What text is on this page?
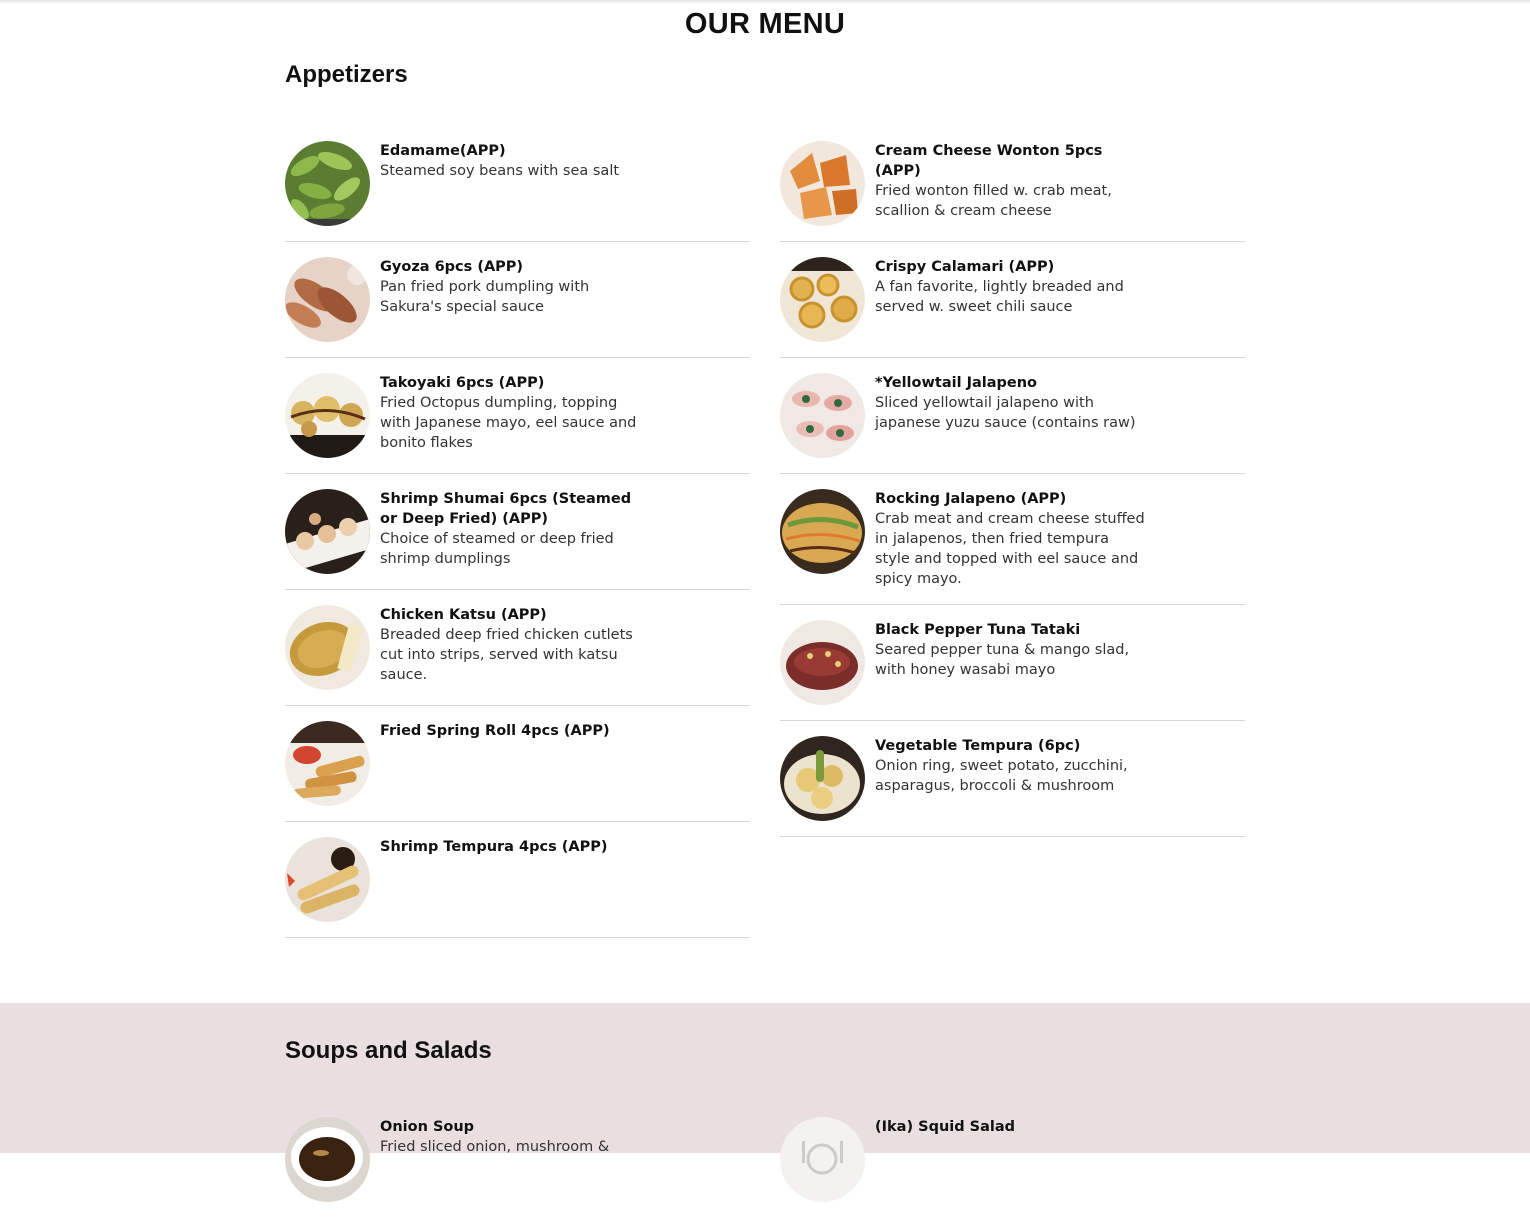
OUR MENU
Appetizers
Edamame(APP)
Steamed soy beans with sea salt
Gyoza 6pcs (APP)
Pan fried pork dumpling with Sakura's special sauce
Takoyaki 6pcs (APP)
Fried Octopus dumpling, topping with Japanese mayo, eel sauce and bonito flakes
Shrimp Shumai 6pcs (Steamed or Deep Fried) (APP)
Choice of steamed or deep fried shrimp dumplings
Chicken Katsu (APP)
Breaded deep fried chicken cutlets cut into strips, served with katsu sauce.
Fried Spring Roll 4pcs (APP)
Shrimp Tempura 4pcs (APP)
Cream Cheese Wonton 5pcs (APP)
Fried wonton filled w. crab meat, scallion & cream cheese
Crispy Calamari (APP)
A fan favorite, lightly breaded and served w. sweet chili sauce
*Yellowtail Jalapeno
Sliced yellowtail jalapeno with japanese yuzu sauce (contains raw)
Rocking Jalapeno (APP)
Crab meat and cream cheese stuffed in jalapenos, then fried tempura style and topped with eel sauce and spicy mayo.
Black Pepper Tuna Tataki
Seared pepper tuna & mango slad, with honey wasabi mayo
Vegetable Tempura (6pc)
Onion ring, sweet potato, zucchini, asparagus, broccoli & mushroom
Soups and Salads
Onion Soup
Fried sliced onion, mushroom &
(Ika) Squid Salad
